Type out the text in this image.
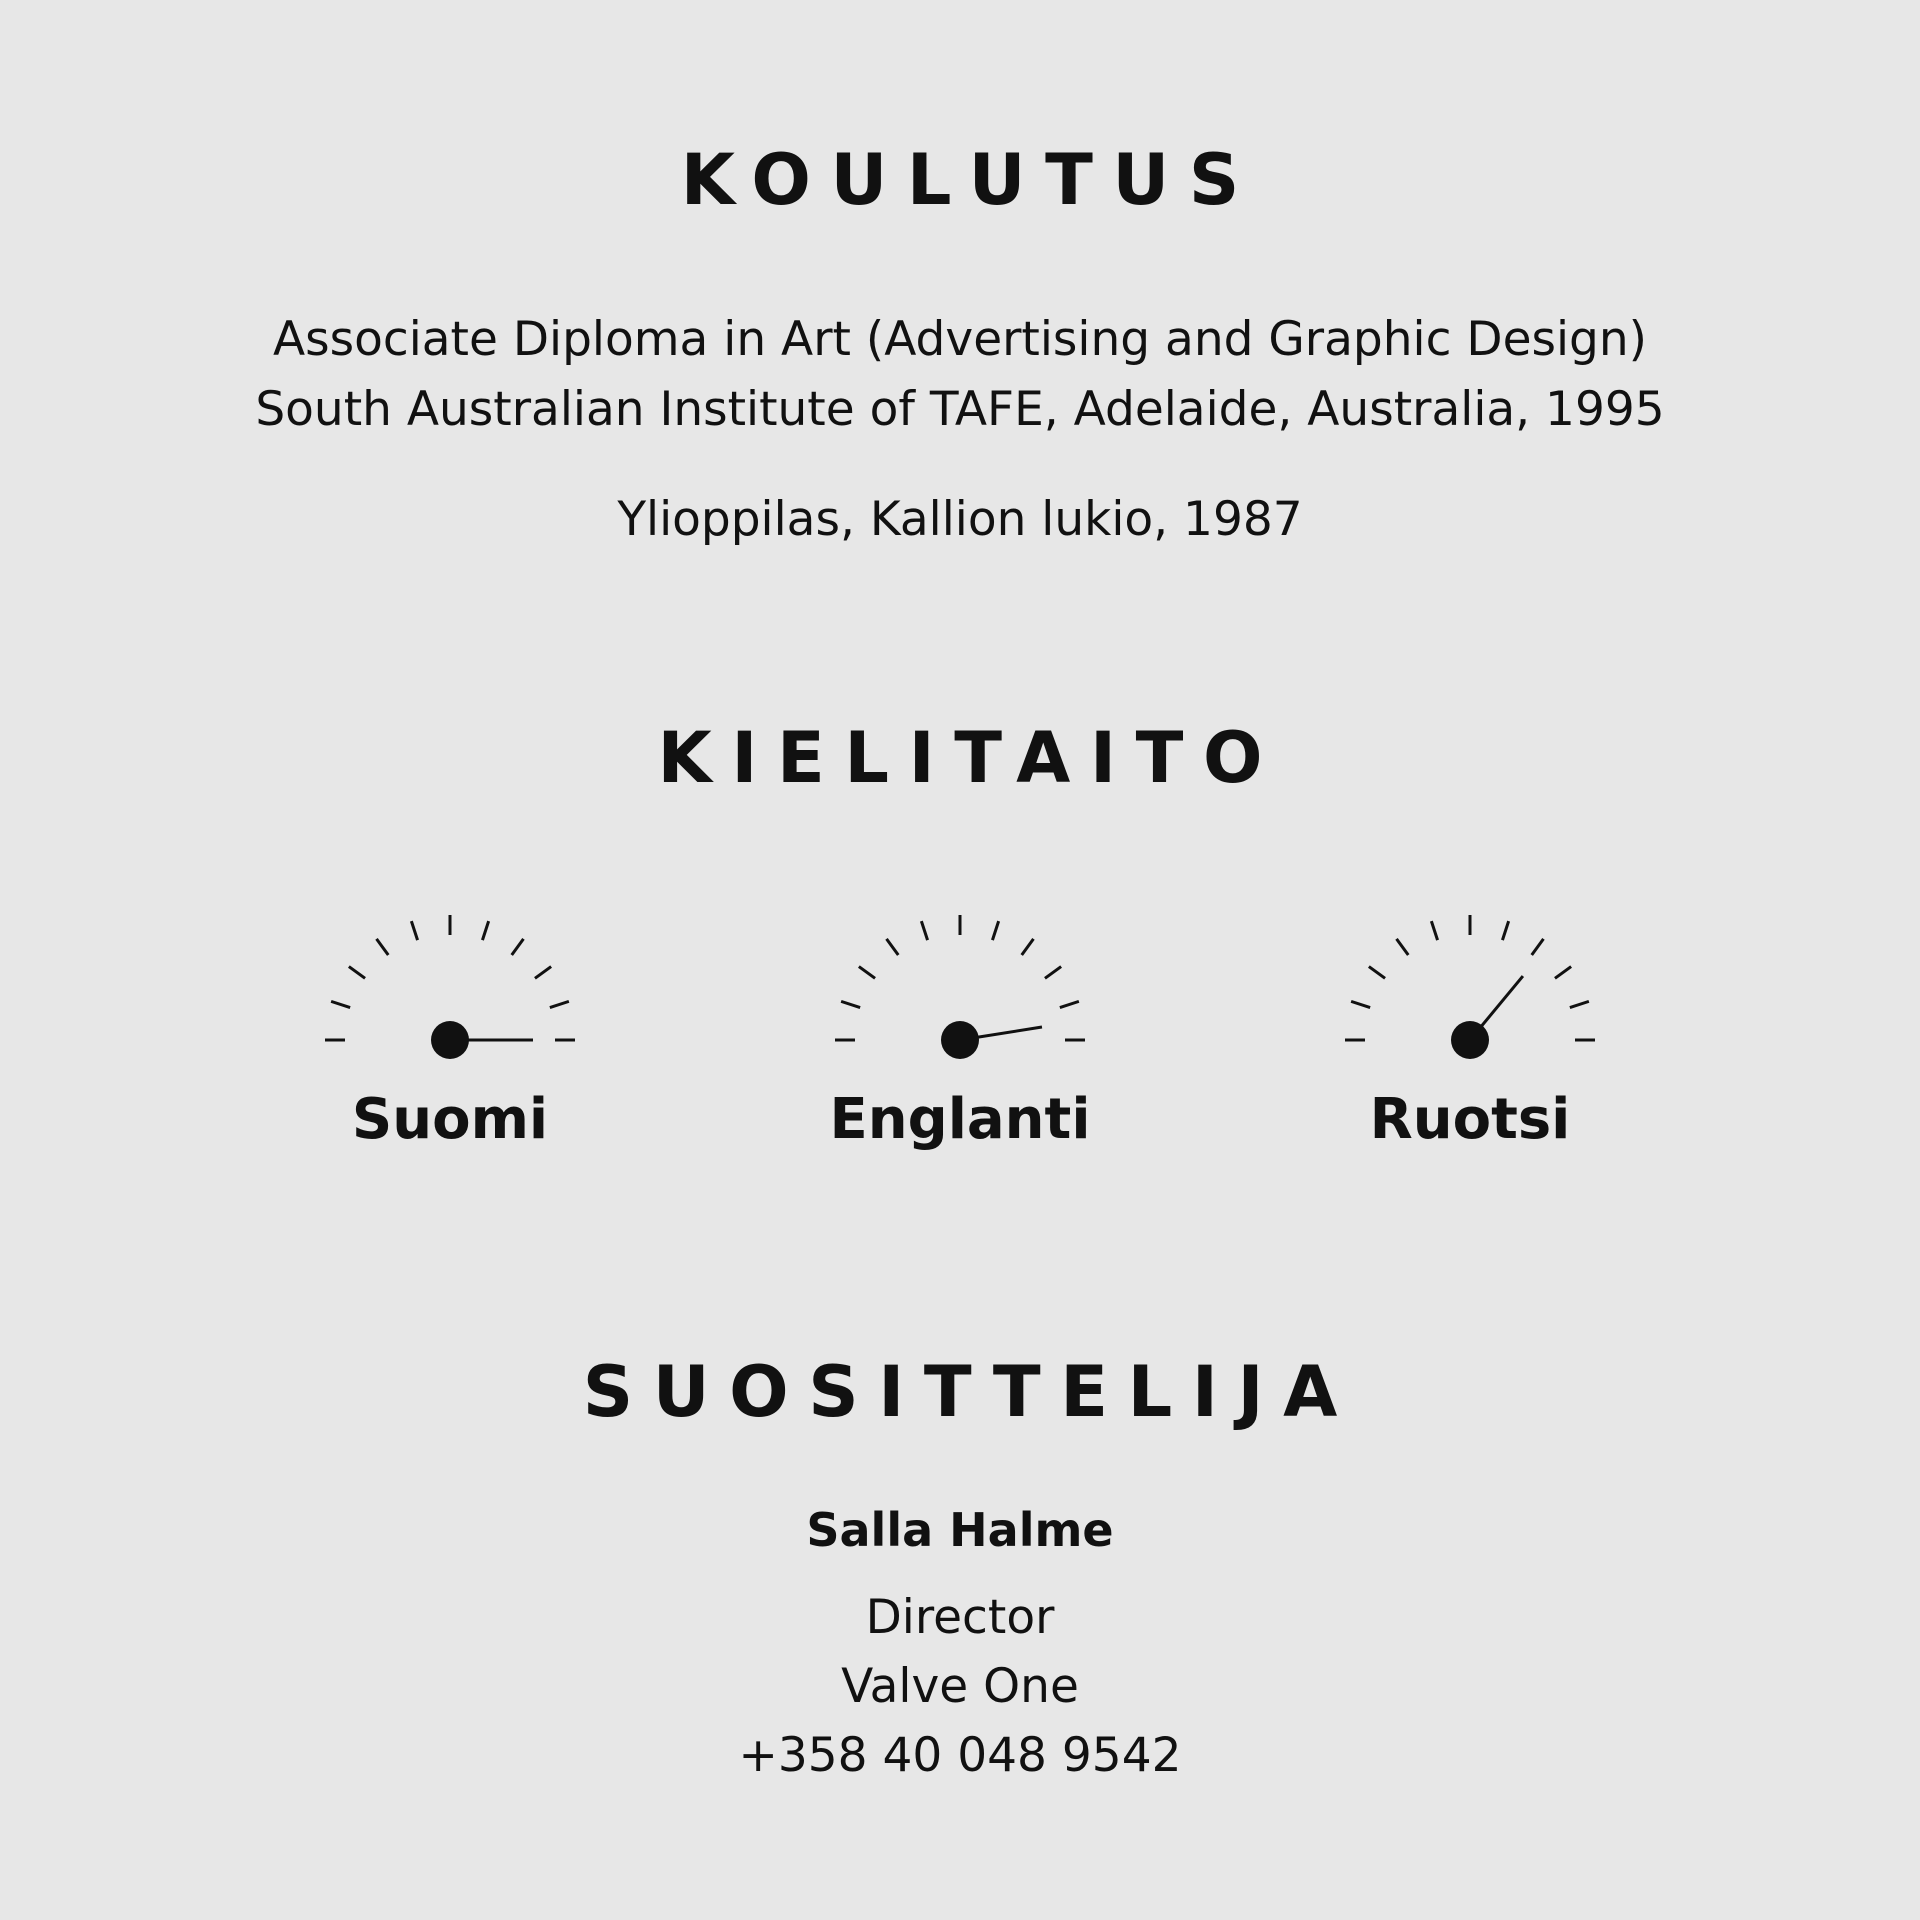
KOULUTUS

Associate Diploma in Art (Advertising and Graphic Design)

South Australian Institute of TAFE, Adelaide, Australia, 1995

Ylioppilas, Kallion lukio, 1987

KIELITAITO
Suomi	Englanti	Ruotsi
SUOSITTELIJA

Salla Halme

Director

Valve One

+358 40 048 9542
